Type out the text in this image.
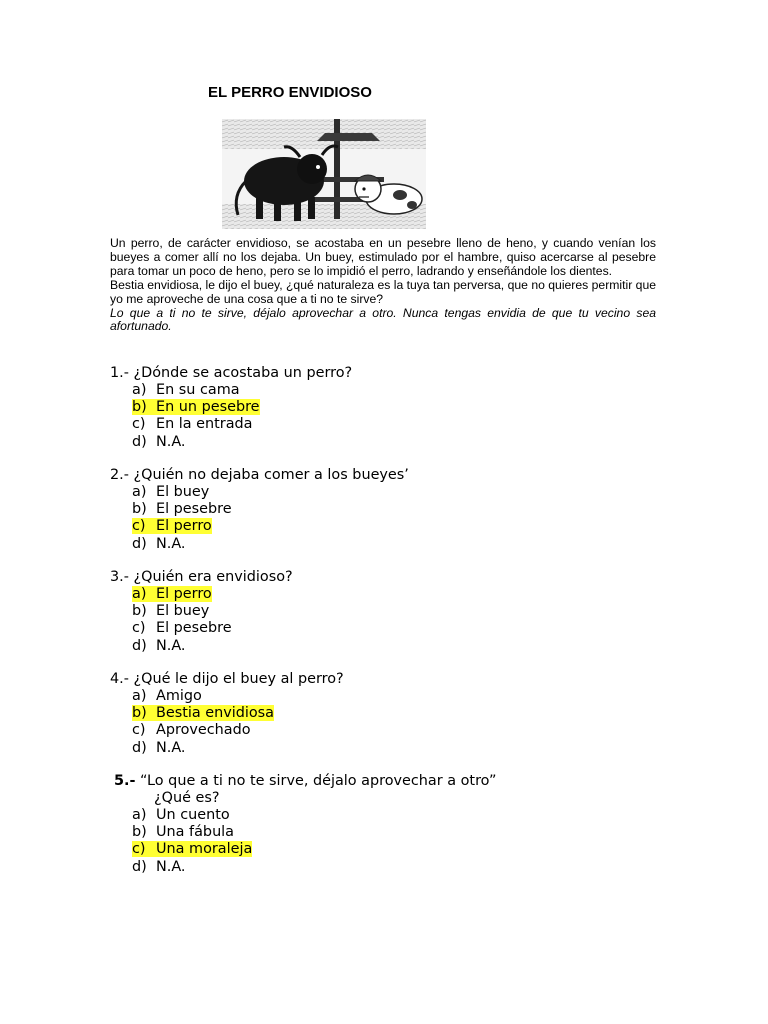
EL PERRO ENVIDIOSO

Un perro, de carácter envidioso, se acostaba en un pesebre lleno de heno, y cuando venían los bueyes a comer allí no los dejaba. Un buey, estimulado por el hambre, quiso acercarse al pesebre para tomar un poco de heno, pero se lo impidió el perro, ladrando y enseñándole los dientes.

Bestia envidiosa, le dijo el buey, ¿qué naturaleza es la tuya tan perversa, que no quieres permitir que yo me aproveche de una cosa que a ti no te sirve?

Lo que a ti no te sirve, déjalo aprovechar a otro. Nunca tengas envidia de que tu vecino sea afortunado.

1.- ¿Dónde se acostaba un perro?

a) En su cama
b) En un pesebre
c) En la entrada
d) N.A.

2.- ¿Quién no dejaba comer a los bueyes’

a) El buey
b) El pesebre
c) El perro
d) N.A.

3.- ¿Quién era envidioso?

a) El perro
b) El buey
c) El pesebre
d) N.A.

4.- ¿Qué le dijo el buey al perro?

a) Amigo
b) Bestia envidiosa
c) Aprovechado
d) N.A.

5.- “Lo que a ti no te sirve, déjalo aprovechar a otro”

¿Qué es?

a) Un cuento
b) Una fábula
c) Una moraleja
d) N.A.
